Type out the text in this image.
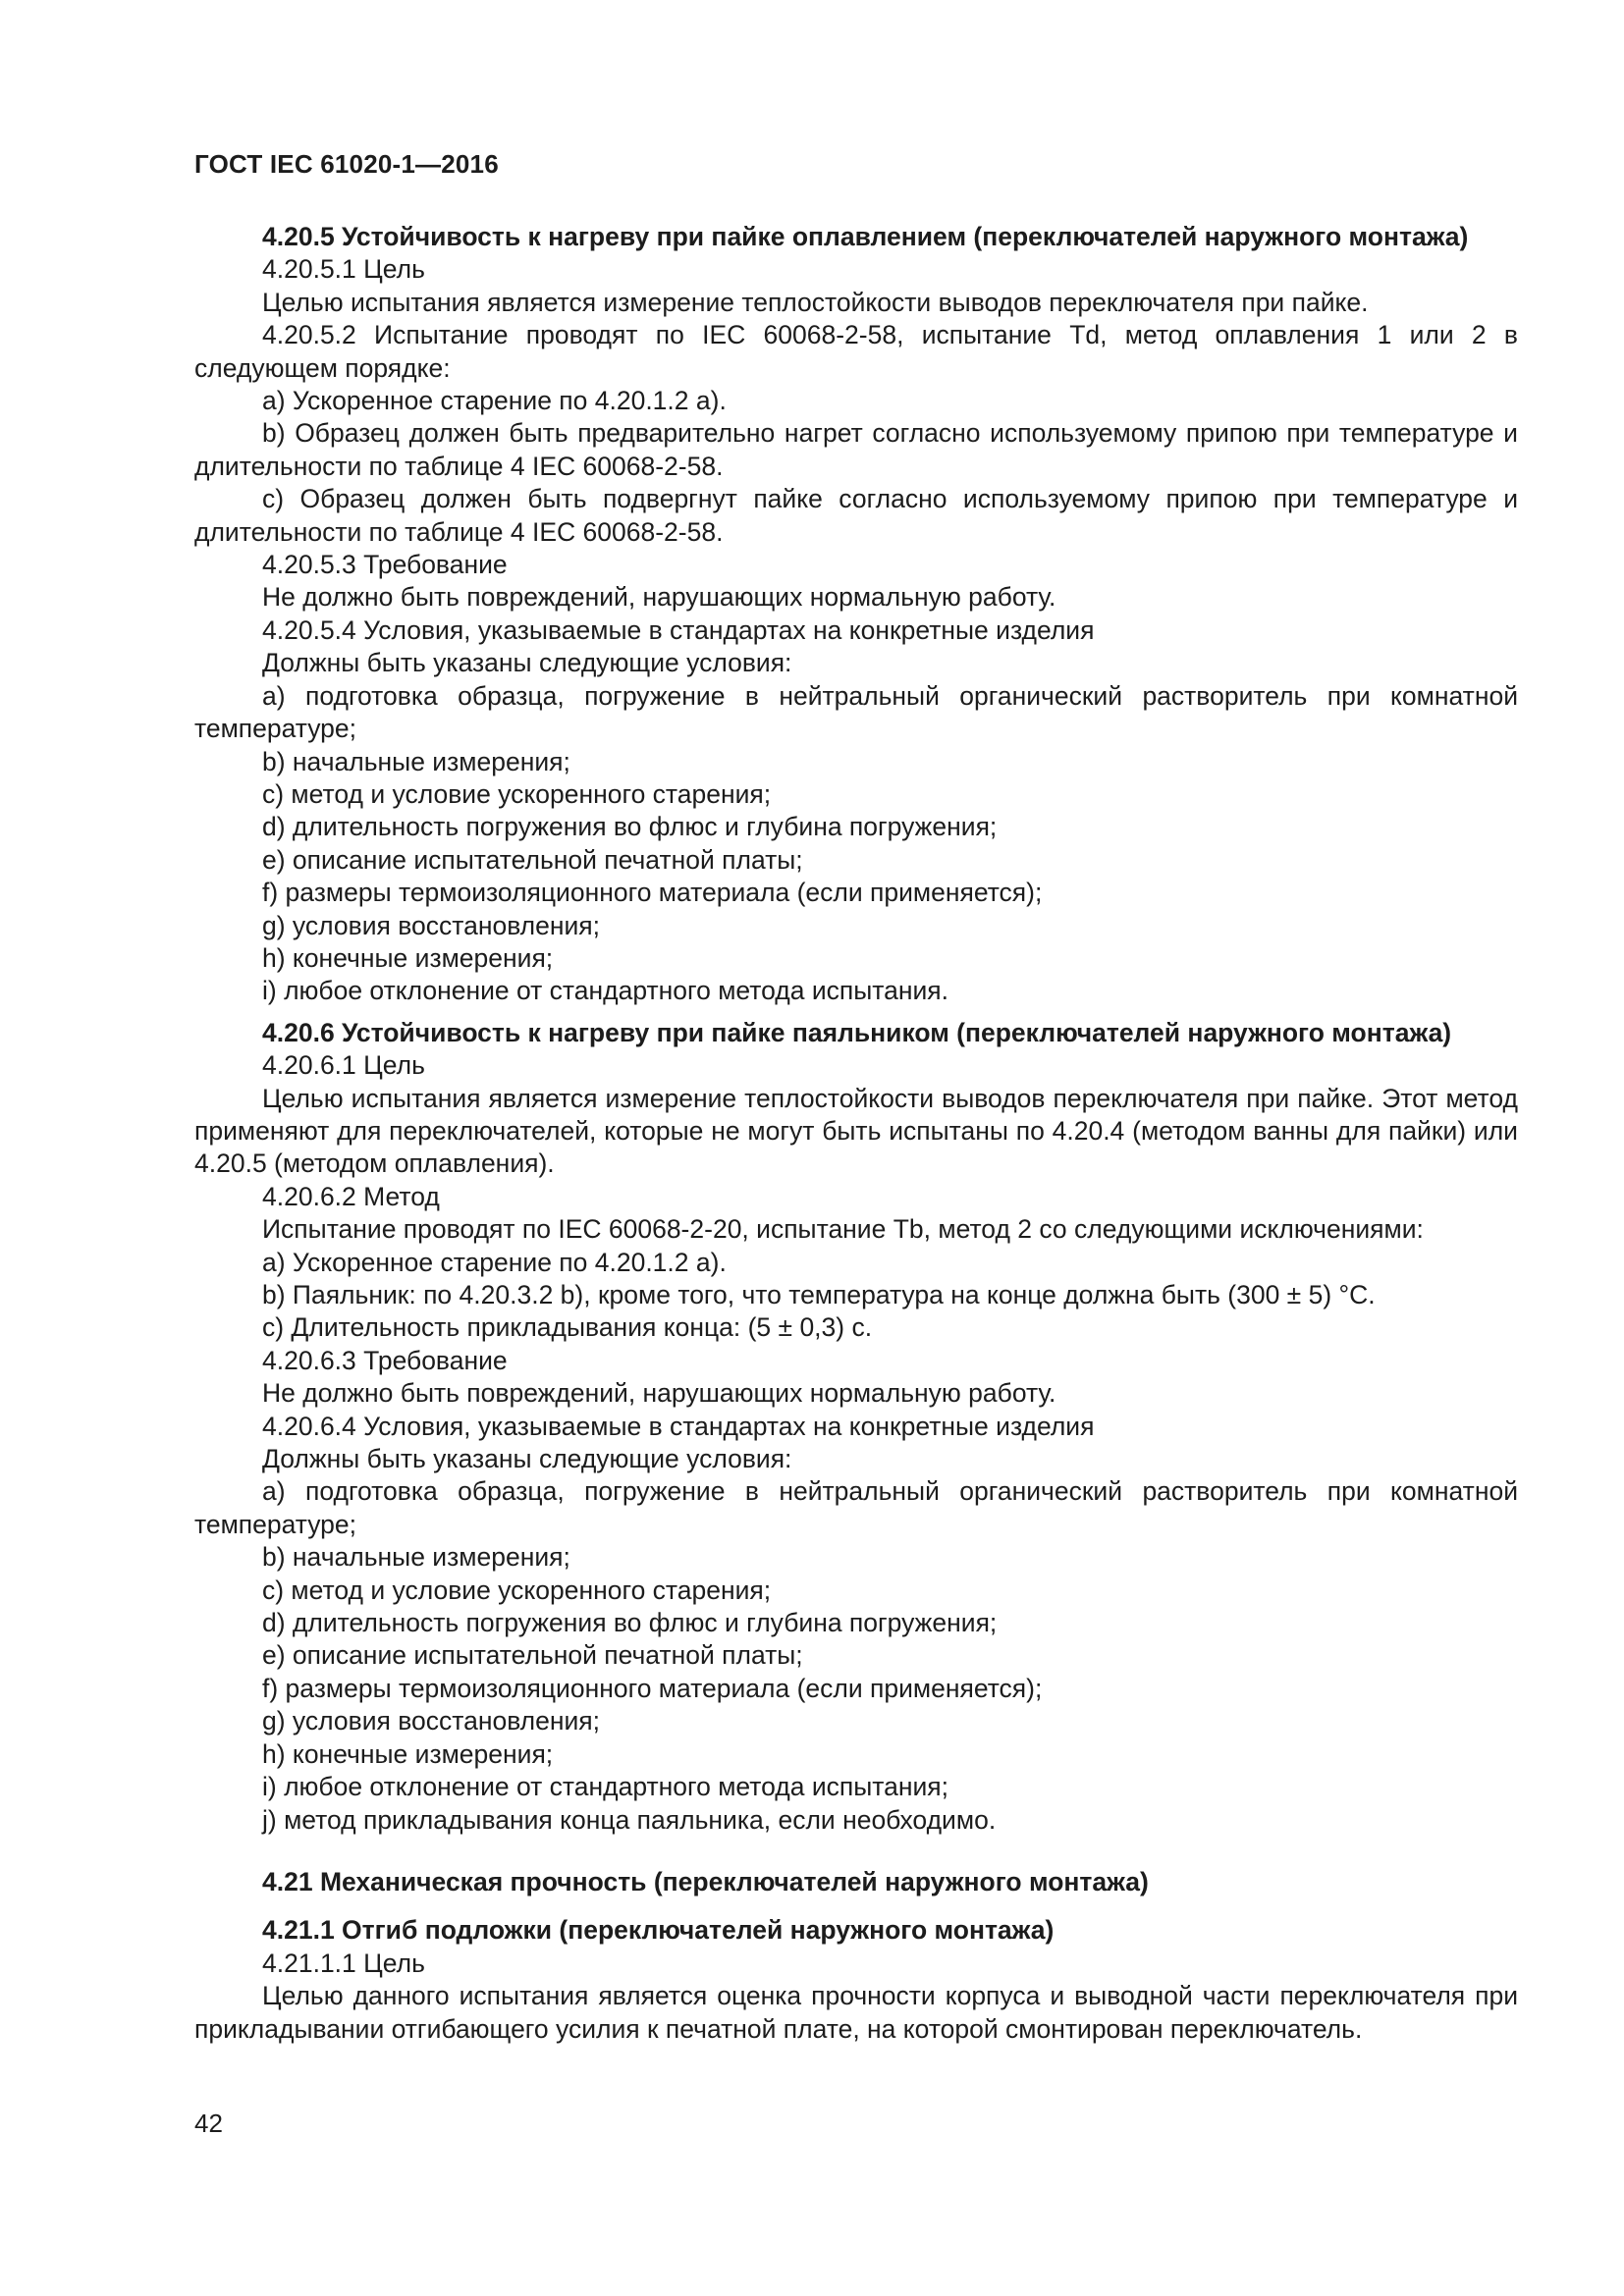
ГОСТ IEC 61020-1—2016

4.20.5 Устойчивость к нагреву при пайке оплавлением (переключателей наружного монтажа)

4.20.5.1 Цель

Целью испытания является измерение теплостойкости выводов переключателя при пайке.

4.20.5.2 Испытание проводят по IEC 60068-2-58, испытание Td, метод оплавления 1 или 2 в следующем порядке:

a) Ускоренное старение по 4.20.1.2 а).

b) Образец должен быть предварительно нагрет согласно используемому припою при температуре и длительности по таблице 4 IEC 60068-2-58.

c) Образец должен быть подвергнут пайке согласно используемому припою при температуре и длительности по таблице 4 IEC 60068-2-58.

4.20.5.3 Требование

Не должно быть повреждений, нарушающих нормальную работу.

4.20.5.4 Условия, указываемые в стандартах на конкретные изделия

Должны быть указаны следующие условия:

a) подготовка образца, погружение в нейтральный органический растворитель при комнатной температуре;

b) начальные измерения;

c) метод и условие ускоренного старения;

d) длительность погружения во флюс и глубина погружения;

e) описание испытательной печатной платы;

f) размеры термоизоляционного материала (если применяется);

g) условия восстановления;

h) конечные измерения;

i) любое отклонение от стандартного метода испытания.

4.20.6 Устойчивость к нагреву при пайке паяльником (переключателей наружного монтажа)

4.20.6.1 Цель

Целью испытания является измерение теплостойкости выводов переключателя при пайке. Этот метод применяют для переключателей, которые не могут быть испытаны по 4.20.4 (методом ванны для пайки) или 4.20.5 (методом оплавления).

4.20.6.2 Метод

Испытание проводят по IEC 60068-2-20, испытание Tb, метод 2 со следующими исключениями:

a) Ускоренное старение по 4.20.1.2 а).

b) Паяльник: по 4.20.3.2 b), кроме того, что температура на конце должна быть (300 ± 5) °С.

c) Длительность прикладывания конца: (5 ± 0,3) с.

4.20.6.3 Требование

Не должно быть повреждений, нарушающих нормальную работу.

4.20.6.4 Условия, указываемые в стандартах на конкретные изделия

Должны быть указаны следующие условия:

a) подготовка образца, погружение в нейтральный органический растворитель при комнатной температуре;

b) начальные измерения;

c) метод и условие ускоренного старения;

d) длительность погружения во флюс и глубина погружения;

e) описание испытательной печатной платы;

f) размеры термоизоляционного материала (если применяется);

g) условия восстановления;

h) конечные измерения;

i) любое отклонение от стандартного метода испытания;

j) метод прикладывания конца паяльника, если необходимо.

4.21 Механическая прочность (переключателей наружного монтажа)

4.21.1 Отгиб подложки (переключателей наружного монтажа)

4.21.1.1 Цель

Целью данного испытания является оценка прочности корпуса и выводной части переключателя при прикладывании отгибающего усилия к печатной плате, на которой смонтирован переключатель.

42
